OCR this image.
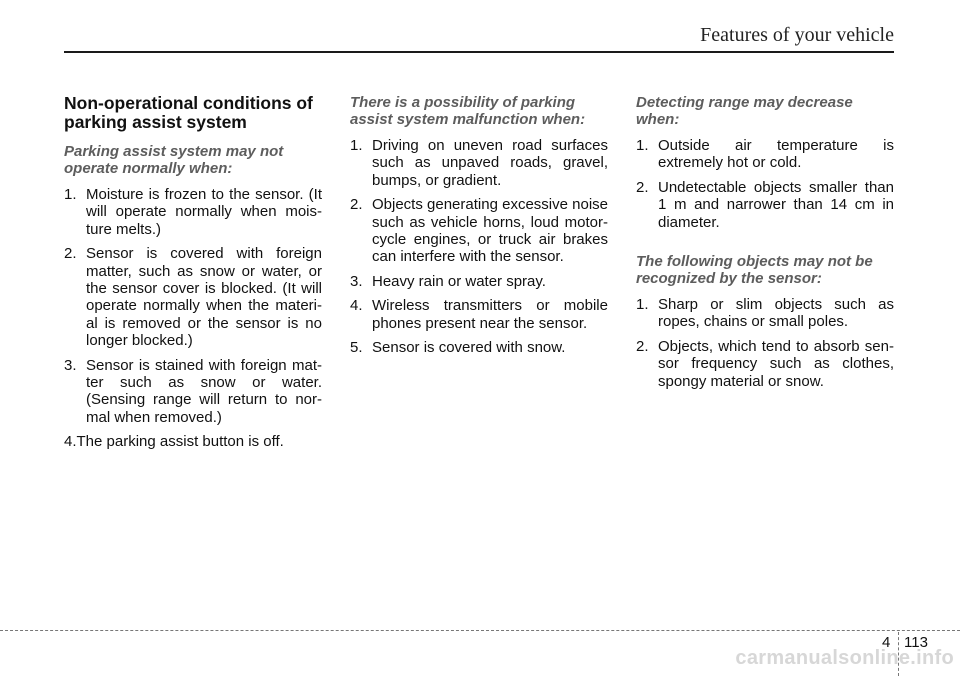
Features of your vehicle
Non-operational conditions of parking assist system
Parking assist system may not operate normally when:
1. Moisture is frozen to the sensor. (It will operate normally when mois-ture melts.)
2. Sensor is covered with foreign matter, such as snow or water, or the sensor cover is blocked. (It will operate normally when the materi-al is removed or the sensor is no longer blocked.)
3. Sensor is stained with foreign mat-ter such as snow or water. (Sensing range will return to nor-mal when removed.)
4.The parking assist button is off.
There is a possibility of parking assist system malfunction when:
1. Driving on uneven road surfaces such as unpaved roads, gravel, bumps, or gradient.
2. Objects generating excessive noise such as vehicle horns, loud motor-cycle engines, or truck air brakes can interfere with the sensor.
3. Heavy rain or water spray.
4. Wireless transmitters or mobile phones present near the sensor.
5. Sensor is covered with snow.
Detecting range may decrease when:
1. Outside air temperature is extremely hot or cold.
2. Undetectable objects smaller than 1 m and narrower than 14 cm in diameter.
The following objects may not be recognized by the sensor:
1. Sharp or slim objects such as ropes, chains or small poles.
2. Objects, which tend to absorb sen-sor frequency such as clothes, spongy material or snow.
4 113
carmanualsonline.info
